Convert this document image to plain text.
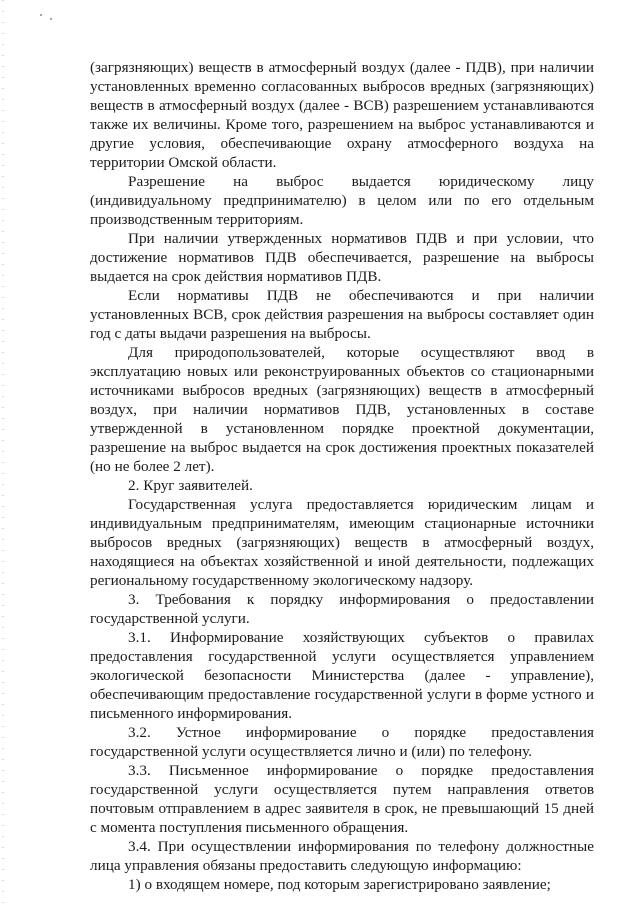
(загрязняющих) веществ в атмосферный воздух (далее - ПДВ), при наличии установленных временно согласованных выбросов вредных (загрязняющих) веществ в атмосферный воздух (далее - ВСВ) разрешением устанавливаются также их величины. Кроме того, разрешением на выброс устанавливаются и другие условия, обеспечивающие охрану атмосферного воздуха на территории Омской области.

Разрешение на выброс выдается юридическому лицу (индивидуальному предпринимателю) в целом или по его отдельным производственным территориям.

При наличии утвержденных нормативов ПДВ и при условии, что достижение нормативов ПДВ обеспечивается, разрешение на выбросы выдается на срок действия нормативов ПДВ.

Если нормативы ПДВ не обеспечиваются и при наличии установленных ВСВ, срок действия разрешения на выбросы составляет один год с даты выдачи разрешения на выбросы.

Для природопользователей, которые осуществляют ввод в эксплуатацию новых или реконструированных объектов со стационарными источниками выбросов вредных (загрязняющих) веществ в атмосферный воздух, при наличии нормативов ПДВ, установленных в составе утвержденной в установленном порядке проектной документации, разрешение на выброс выдается на срок достижения проектных показателей (но не более 2 лет).

2. Круг заявителей.

Государственная услуга предоставляется юридическим лицам и индивидуальным предпринимателям, имеющим стационарные источники выбросов вредных (загрязняющих) веществ в атмосферный воздух, находящиеся на объектах хозяйственной и иной деятельности, подлежащих региональному государственному экологическому надзору.

3. Требования к порядку информирования о предоставлении государственной услуги.

3.1. Информирование хозяйствующих субъектов о правилах предоставления государственной услуги осуществляется управлением экологической безопасности Министерства (далее - управление), обеспечивающим предоставление государственной услуги в форме устного и письменного информирования.

3.2. Устное информирование о порядке предоставления государственной услуги осуществляется лично и (или) по телефону.

3.3. Письменное информирование о порядке предоставления государственной услуги осуществляется путем направления ответов почтовым отправлением в адрес заявителя в срок, не превышающий 15 дней с момента поступления письменного обращения.

3.4. При осуществлении информирования по телефону должностные лица управления обязаны предоставить следующую информацию:

1) о входящем номере, под которым зарегистрировано заявление;
